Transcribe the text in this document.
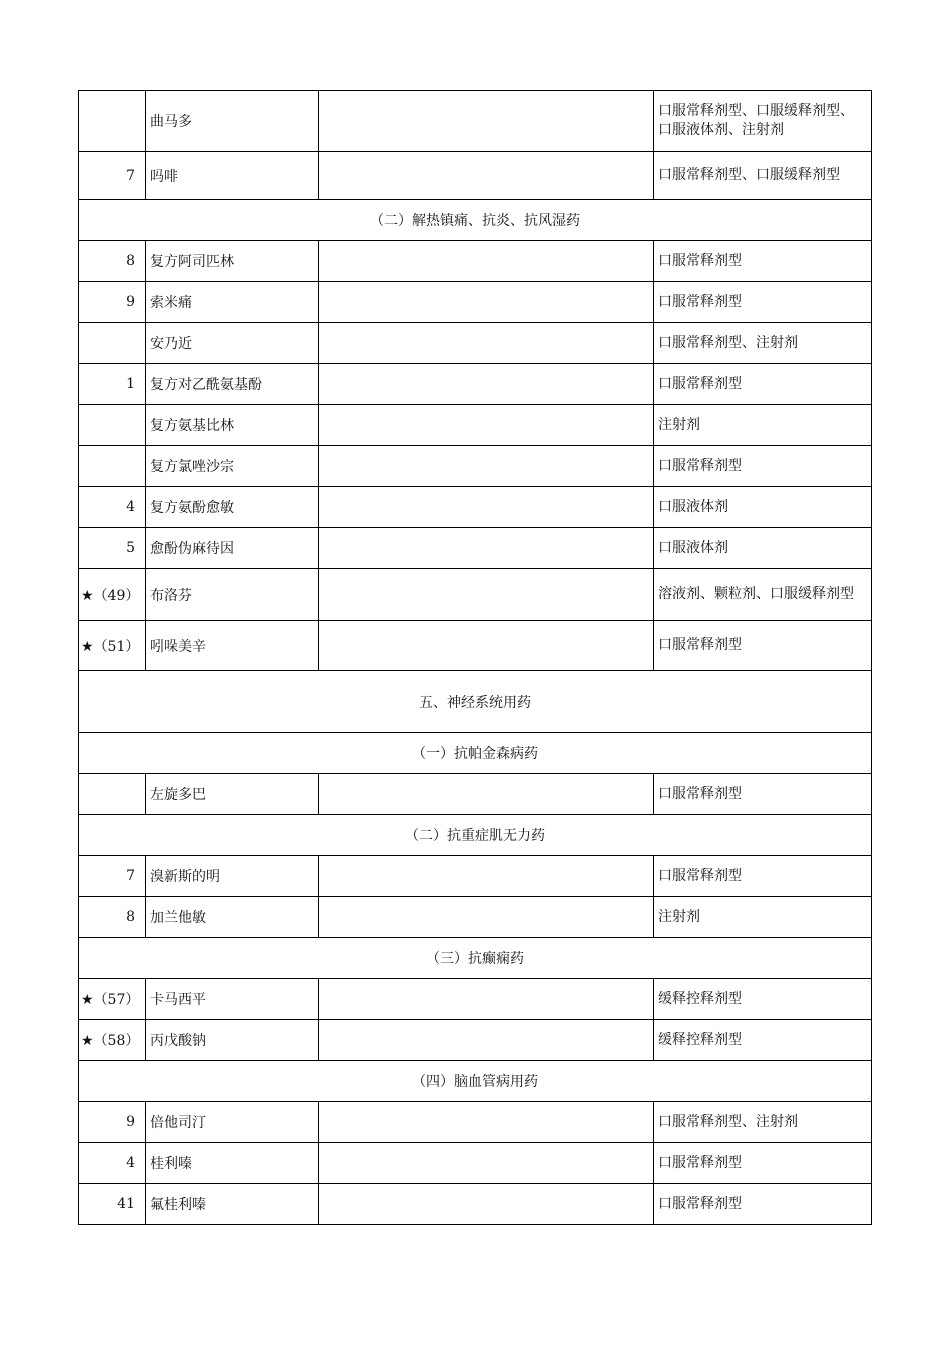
	曲马多		口服常释剂型、口服缓释剂型、口服液体剂、注射剂
7	吗啡		口服常释剂型、口服缓释剂型
（二）解热镇痛、抗炎、抗风湿药			
8	复方阿司匹林		口服常释剂型
9	索米痛		口服常释剂型
	安乃近		口服常释剂型、注射剂
1	复方对乙酰氨基酚		口服常释剂型
	复方氨基比林		注射剂
	复方氯唑沙宗		口服常释剂型
4	复方氨酚愈敏		口服液体剂
5	愈酚伪麻待因		口服液体剂
★（49）	布洛芬		溶液剂、颗粒剂、口服缓释剂型
★（51）	吲哚美辛		口服常释剂型
五、神经系统用药			
（一）抗帕金森病药			
	左旋多巴		口服常释剂型
（二）抗重症肌无力药			
7	溴新斯的明		口服常释剂型
8	加兰他敏		注射剂
（三）抗癫痫药			
★（57）	卡马西平		缓释控释剂型
★（58）	丙戊酸钠		缓释控释剂型
（四）脑血管病用药			
9	倍他司汀		口服常释剂型、注射剂
4	桂利嗪		口服常释剂型
41	氟桂利嗪		口服常释剂型
